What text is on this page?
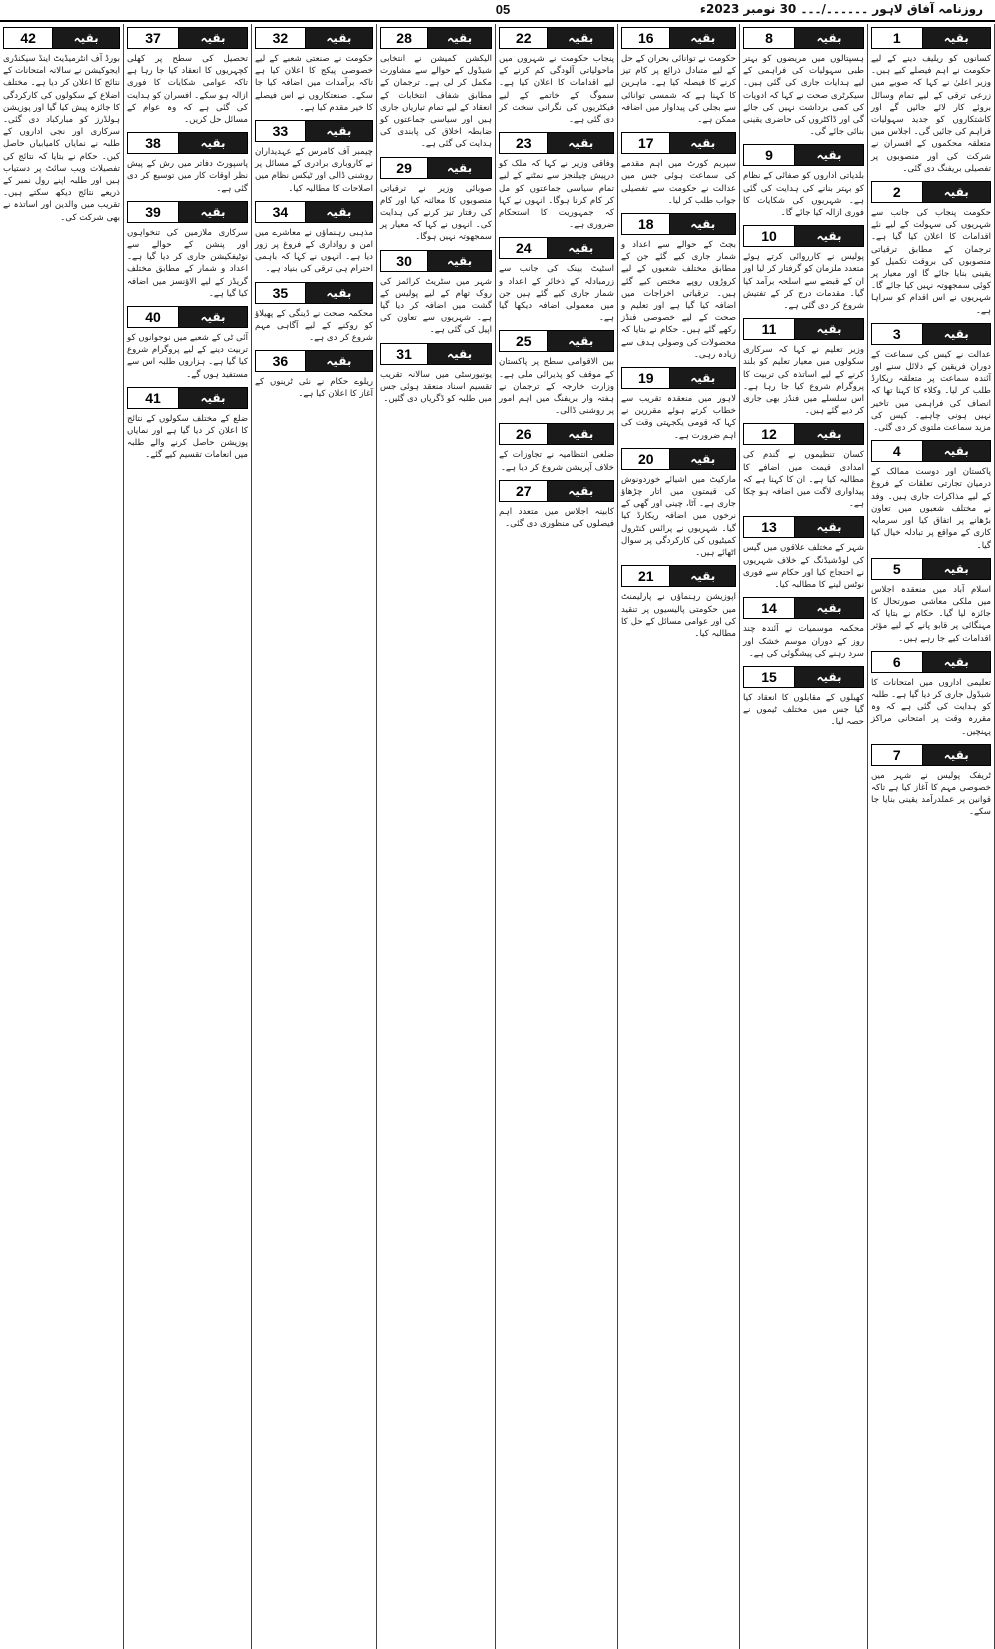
05	روزنامہ آفاق لاہور ۔۔۔۔۔۔/۔۔۔ 30 نومبر 2023ء
1	بقیہ
کسانوں کو ریلیف دینے کے لیے حکومت نے اہم فیصلے کیے ہیں۔ وزیر اعلیٰ نے کہا کہ صوبے میں زرعی ترقی کے لیے تمام وسائل بروئے کار لائے جائیں گے اور کاشتکاروں کو جدید سہولیات فراہم کی جائیں گی۔ اجلاس میں متعلقہ محکموں کے افسران نے شرکت کی اور منصوبوں پر تفصیلی بریفنگ دی گئی۔
2	بقیہ
حکومت پنجاب کی جانب سے شہریوں کی سہولت کے لیے نئے اقدامات کا اعلان کیا گیا ہے۔ ترجمان کے مطابق ترقیاتی منصوبوں کی بروقت تکمیل کو یقینی بنایا جائے گا اور معیار پر کوئی سمجھوتہ نہیں کیا جائے گا۔ شہریوں نے اس اقدام کو سراہا ہے۔
3	بقیہ
عدالت نے کیس کی سماعت کے دوران فریقین کے دلائل سنے اور آئندہ سماعت پر متعلقہ ریکارڈ طلب کر لیا۔ وکلاء کا کہنا تھا کہ انصاف کی فراہمی میں تاخیر نہیں ہونی چاہیے۔ کیس کی مزید سماعت ملتوی کر دی گئی۔
4	بقیہ
پاکستان اور دوست ممالک کے درمیان تجارتی تعلقات کے فروغ کے لیے مذاکرات جاری ہیں۔ وفد نے مختلف شعبوں میں تعاون بڑھانے پر اتفاق کیا اور سرمایہ کاری کے مواقع پر تبادلہ خیال کیا گیا۔
5	بقیہ
اسلام آباد میں منعقدہ اجلاس میں ملکی معاشی صورتحال کا جائزہ لیا گیا۔ حکام نے بتایا کہ مہنگائی پر قابو پانے کے لیے مؤثر اقدامات کیے جا رہے ہیں۔
6	بقیہ
تعلیمی اداروں میں امتحانات کا شیڈول جاری کر دیا گیا ہے۔ طلبہ کو ہدایت کی گئی ہے کہ وہ مقررہ وقت پر امتحانی مراکز پہنچیں۔
7	بقیہ
ٹریفک پولیس نے شہر میں خصوصی مہم کا آغاز کیا ہے تاکہ قوانین پر عملدرآمد یقینی بنایا جا سکے۔
8	بقیہ
ہسپتالوں میں مریضوں کو بہتر طبی سہولیات کی فراہمی کے لیے ہدایات جاری کی گئی ہیں۔ سیکرٹری صحت نے کہا کہ ادویات کی کمی برداشت نہیں کی جائے گی اور ڈاکٹروں کی حاضری یقینی بنائی جائے گی۔
9	بقیہ
بلدیاتی اداروں کو صفائی کے نظام کو بہتر بنانے کی ہدایت کی گئی ہے۔ شہریوں کی شکایات کا فوری ازالہ کیا جائے گا۔
10	بقیہ
پولیس نے کارروائی کرتے ہوئے متعدد ملزمان کو گرفتار کر لیا اور ان کے قبضے سے اسلحہ برآمد کیا گیا۔ مقدمات درج کر کے تفتیش شروع کر دی گئی ہے۔
11	بقیہ
وزیر تعلیم نے کہا کہ سرکاری سکولوں میں معیار تعلیم کو بلند کرنے کے لیے اساتذہ کی تربیت کا پروگرام شروع کیا جا رہا ہے۔ اس سلسلے میں فنڈز بھی جاری کر دیے گئے ہیں۔
12	بقیہ
کسان تنظیموں نے گندم کی امدادی قیمت میں اضافے کا مطالبہ کیا ہے۔ ان کا کہنا ہے کہ پیداواری لاگت میں اضافہ ہو چکا ہے۔
13	بقیہ
شہر کے مختلف علاقوں میں گیس کی لوڈشیڈنگ کے خلاف شہریوں نے احتجاج کیا اور حکام سے فوری نوٹس لینے کا مطالبہ کیا۔
14	بقیہ
محکمہ موسمیات نے آئندہ چند روز کے دوران موسم خشک اور سرد رہنے کی پیشگوئی کی ہے۔
15	بقیہ
کھیلوں کے مقابلوں کا انعقاد کیا گیا جس میں مختلف ٹیموں نے حصہ لیا۔
16	بقیہ
حکومت نے توانائی بحران کے حل کے لیے متبادل ذرائع پر کام تیز کرنے کا فیصلہ کیا ہے۔ ماہرین کا کہنا ہے کہ شمسی توانائی سے بجلی کی پیداوار میں اضافہ ممکن ہے۔
17	بقیہ
سپریم کورٹ میں اہم مقدمے کی سماعت ہوئی جس میں عدالت نے حکومت سے تفصیلی جواب طلب کر لیا۔
18	بقیہ
بجٹ کے حوالے سے اعداد و شمار جاری کیے گئے جن کے مطابق مختلف شعبوں کے لیے کروڑوں روپے مختص کیے گئے ہیں۔ ترقیاتی اخراجات میں اضافہ کیا گیا ہے اور تعلیم و صحت کے لیے خصوصی فنڈز رکھے گئے ہیں۔ حکام نے بتایا کہ محصولات کی وصولی ہدف سے زیادہ رہی۔
19	بقیہ
لاہور میں منعقدہ تقریب سے خطاب کرتے ہوئے مقررین نے کہا کہ قومی یکجہتی وقت کی اہم ضرورت ہے۔
20	بقیہ
مارکیٹ میں اشیائے خوردونوش کی قیمتوں میں اتار چڑھاؤ جاری ہے۔ آٹا، چینی اور گھی کے نرخوں میں اضافہ ریکارڈ کیا گیا۔ شہریوں نے پرائس کنٹرول کمیٹیوں کی کارکردگی پر سوال اٹھائے ہیں۔
21	بقیہ
اپوزیشن رہنماؤں نے پارلیمنٹ میں حکومتی پالیسیوں پر تنقید کی اور عوامی مسائل کے حل کا مطالبہ کیا۔
22	بقیہ
پنجاب حکومت نے شہروں میں ماحولیاتی آلودگی کم کرنے کے لیے اقدامات کا اعلان کیا ہے۔ سموگ کے خاتمے کے لیے فیکٹریوں کی نگرانی سخت کر دی گئی ہے۔
23	بقیہ
وفاقی وزیر نے کہا کہ ملک کو درپیش چیلنجز سے نمٹنے کے لیے تمام سیاسی جماعتوں کو مل کر کام کرنا ہوگا۔ انہوں نے کہا کہ جمہوریت کا استحکام ضروری ہے۔
24	بقیہ
اسٹیٹ بینک کی جانب سے زرمبادلہ کے ذخائر کے اعداد و شمار جاری کیے گئے ہیں جن میں معمولی اضافہ دیکھا گیا ہے۔
25	بقیہ
بین الاقوامی سطح پر پاکستان کے موقف کو پذیرائی ملی ہے۔ وزارت خارجہ کے ترجمان نے ہفتہ وار بریفنگ میں اہم امور پر روشنی ڈالی۔
26	بقیہ
ضلعی انتظامیہ نے تجاوزات کے خلاف آپریشن شروع کر دیا ہے۔
27	بقیہ
کابینہ اجلاس میں متعدد اہم فیصلوں کی منظوری دی گئی۔
28	بقیہ
الیکشن کمیشن نے انتخابی شیڈول کے حوالے سے مشاورت مکمل کر لی ہے۔ ترجمان کے مطابق شفاف انتخابات کے انعقاد کے لیے تمام تیاریاں جاری ہیں اور سیاسی جماعتوں کو ضابطہ اخلاق کی پابندی کی ہدایت کی گئی ہے۔
29	بقیہ
صوبائی وزیر نے ترقیاتی منصوبوں کا معائنہ کیا اور کام کی رفتار تیز کرنے کی ہدایت کی۔ انہوں نے کہا کہ معیار پر سمجھوتہ نہیں ہوگا۔
30	بقیہ
شہر میں سٹریٹ کرائمز کی روک تھام کے لیے پولیس کے گشت میں اضافہ کر دیا گیا ہے۔ شہریوں سے تعاون کی اپیل کی گئی ہے۔
31	بقیہ
یونیورسٹی میں سالانہ تقریب تقسیم اسناد منعقد ہوئی جس میں طلبہ کو ڈگریاں دی گئیں۔
32	بقیہ
حکومت نے صنعتی شعبے کے لیے خصوصی پیکج کا اعلان کیا ہے تاکہ برآمدات میں اضافہ کیا جا سکے۔ صنعتکاروں نے اس فیصلے کا خیر مقدم کیا ہے۔
33	بقیہ
چیمبر آف کامرس کے عہدیداران نے کاروباری برادری کے مسائل پر روشنی ڈالی اور ٹیکس نظام میں اصلاحات کا مطالبہ کیا۔
34	بقیہ
مذہبی رہنماؤں نے معاشرے میں امن و رواداری کے فروغ پر زور دیا ہے۔ انہوں نے کہا کہ باہمی احترام ہی ترقی کی بنیاد ہے۔
35	بقیہ
محکمہ صحت نے ڈینگی کے پھیلاؤ کو روکنے کے لیے آگاہی مہم شروع کر دی ہے۔
36	بقیہ
ریلوے حکام نے نئی ٹرینوں کے آغاز کا اعلان کیا ہے۔
37	بقیہ
تحصیل کی سطح پر کھلی کچہریوں کا انعقاد کیا جا رہا ہے تاکہ عوامی شکایات کا فوری ازالہ ہو سکے۔ افسران کو ہدایت کی گئی ہے کہ وہ عوام کے مسائل حل کریں۔
38	بقیہ
پاسپورٹ دفاتر میں رش کے پیش نظر اوقات کار میں توسیع کر دی گئی ہے۔
39	بقیہ
سرکاری ملازمین کی تنخواہوں اور پنشن کے حوالے سے نوٹیفکیشن جاری کر دیا گیا ہے۔ اعداد و شمار کے مطابق مختلف گریڈز کے لیے الاؤنسز میں اضافہ کیا گیا ہے۔
40	بقیہ
آئی ٹی کے شعبے میں نوجوانوں کو تربیت دینے کے لیے پروگرام شروع کیا گیا ہے۔ ہزاروں طلبہ اس سے مستفید ہوں گے۔
41	بقیہ
ضلع کے مختلف سکولوں کے نتائج کا اعلان کر دیا گیا ہے اور نمایاں پوزیشن حاصل کرنے والے طلبہ میں انعامات تقسیم کیے گئے۔
42	بقیہ
بورڈ آف انٹرمیڈیٹ اینڈ سیکنڈری ایجوکیشن نے سالانہ امتحانات کے نتائج کا اعلان کر دیا ہے۔ مختلف اضلاع کے سکولوں کی کارکردگی کا جائزہ پیش کیا گیا اور پوزیشن ہولڈرز کو مبارکباد دی گئی۔ سرکاری اور نجی اداروں کے طلبہ نے نمایاں کامیابیاں حاصل کیں۔ حکام نے بتایا کہ نتائج کی تفصیلات ویب سائٹ پر دستیاب ہیں اور طلبہ اپنے رول نمبر کے ذریعے نتائج دیکھ سکتے ہیں۔ تقریب میں والدین اور اساتذہ نے بھی شرکت کی۔
